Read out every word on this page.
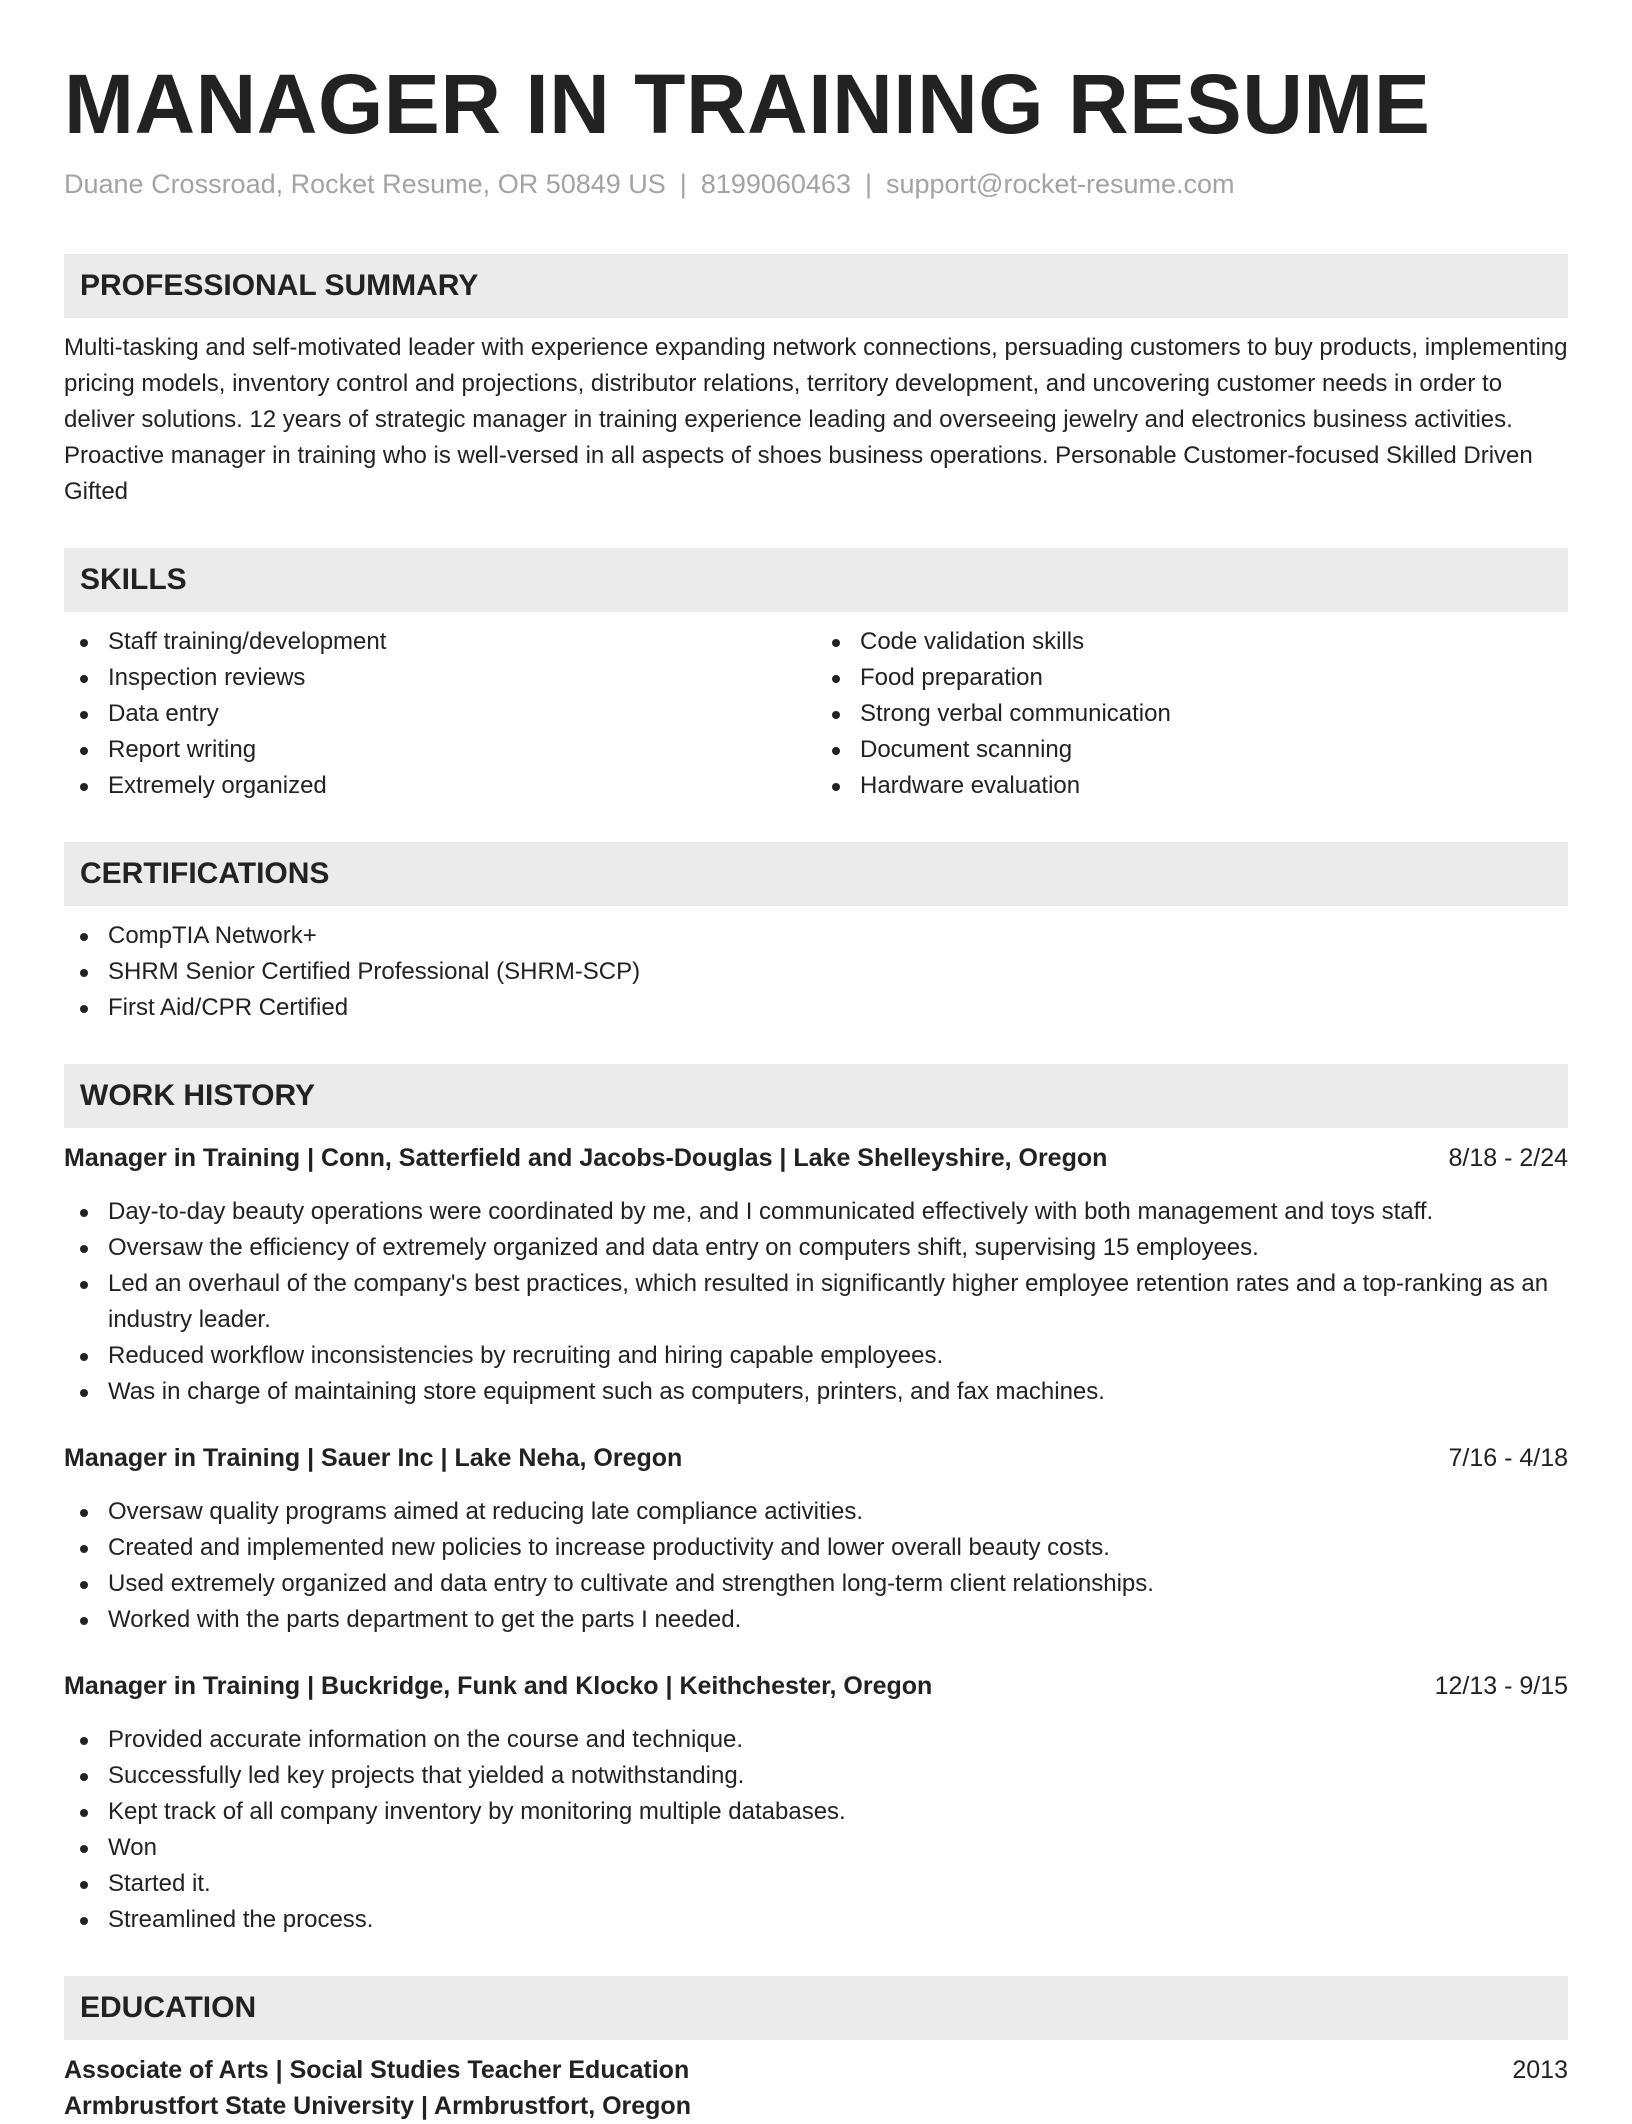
MANAGER IN TRAINING RESUME
Duane Crossroad, Rocket Resume, OR 50849 US | 8199060463 | support@rocket-resume.com
PROFESSIONAL SUMMARY

Multi-tasking and self-motivated leader with experience expanding network connections, persuading customers to buy products, implementing pricing models, inventory control and projections, distributor relations, territory development, and uncovering customer needs in order to deliver solutions. 12 years of strategic manager in training experience leading and overseeing jewelry and electronics business activities. Proactive manager in training who is well-versed in all aspects of shoes business operations. Personable Customer-focused Skilled Driven Gifted

SKILLS
Staff training/development
Inspection reviews
Data entry
Report writing
Extremely organized
Code validation skills
Food preparation
Strong verbal communication
Document scanning
Hardware evaluation
CERTIFICATIONS
CompTIA Network+
SHRM Senior Certified Professional (SHRM-SCP)
First Aid/CPR Certified
WORK HISTORY
Manager in Training | Conn, Satterfield and Jacobs-Douglas | Lake Shelleyshire, Oregon	8/18 - 2/24
Day-to-day beauty operations were coordinated by me, and I communicated effectively with both management and toys staff.
Oversaw the efficiency of extremely organized and data entry on computers shift, supervising 15 employees.
Led an overhaul of the company's best practices, which resulted in significantly higher employee retention rates and a top-ranking as an industry leader.
Reduced workflow inconsistencies by recruiting and hiring capable employees.
Was in charge of maintaining store equipment such as computers, printers, and fax machines.
Manager in Training | Sauer Inc | Lake Neha, Oregon	7/16 - 4/18
Oversaw quality programs aimed at reducing late compliance activities.
Created and implemented new policies to increase productivity and lower overall beauty costs.
Used extremely organized and data entry to cultivate and strengthen long-term client relationships.
Worked with the parts department to get the parts I needed.
Manager in Training | Buckridge, Funk and Klocko | Keithchester, Oregon	12/13 - 9/15
Provided accurate information on the course and technique.
Successfully led key projects that yielded a notwithstanding.
Kept track of all company inventory by monitoring multiple databases.
Won
Started it.
Streamlined the process.
EDUCATION
Associate of Arts | Social Studies Teacher Education	2013
Armbrustfort State University | Armbrustfort, Oregon
